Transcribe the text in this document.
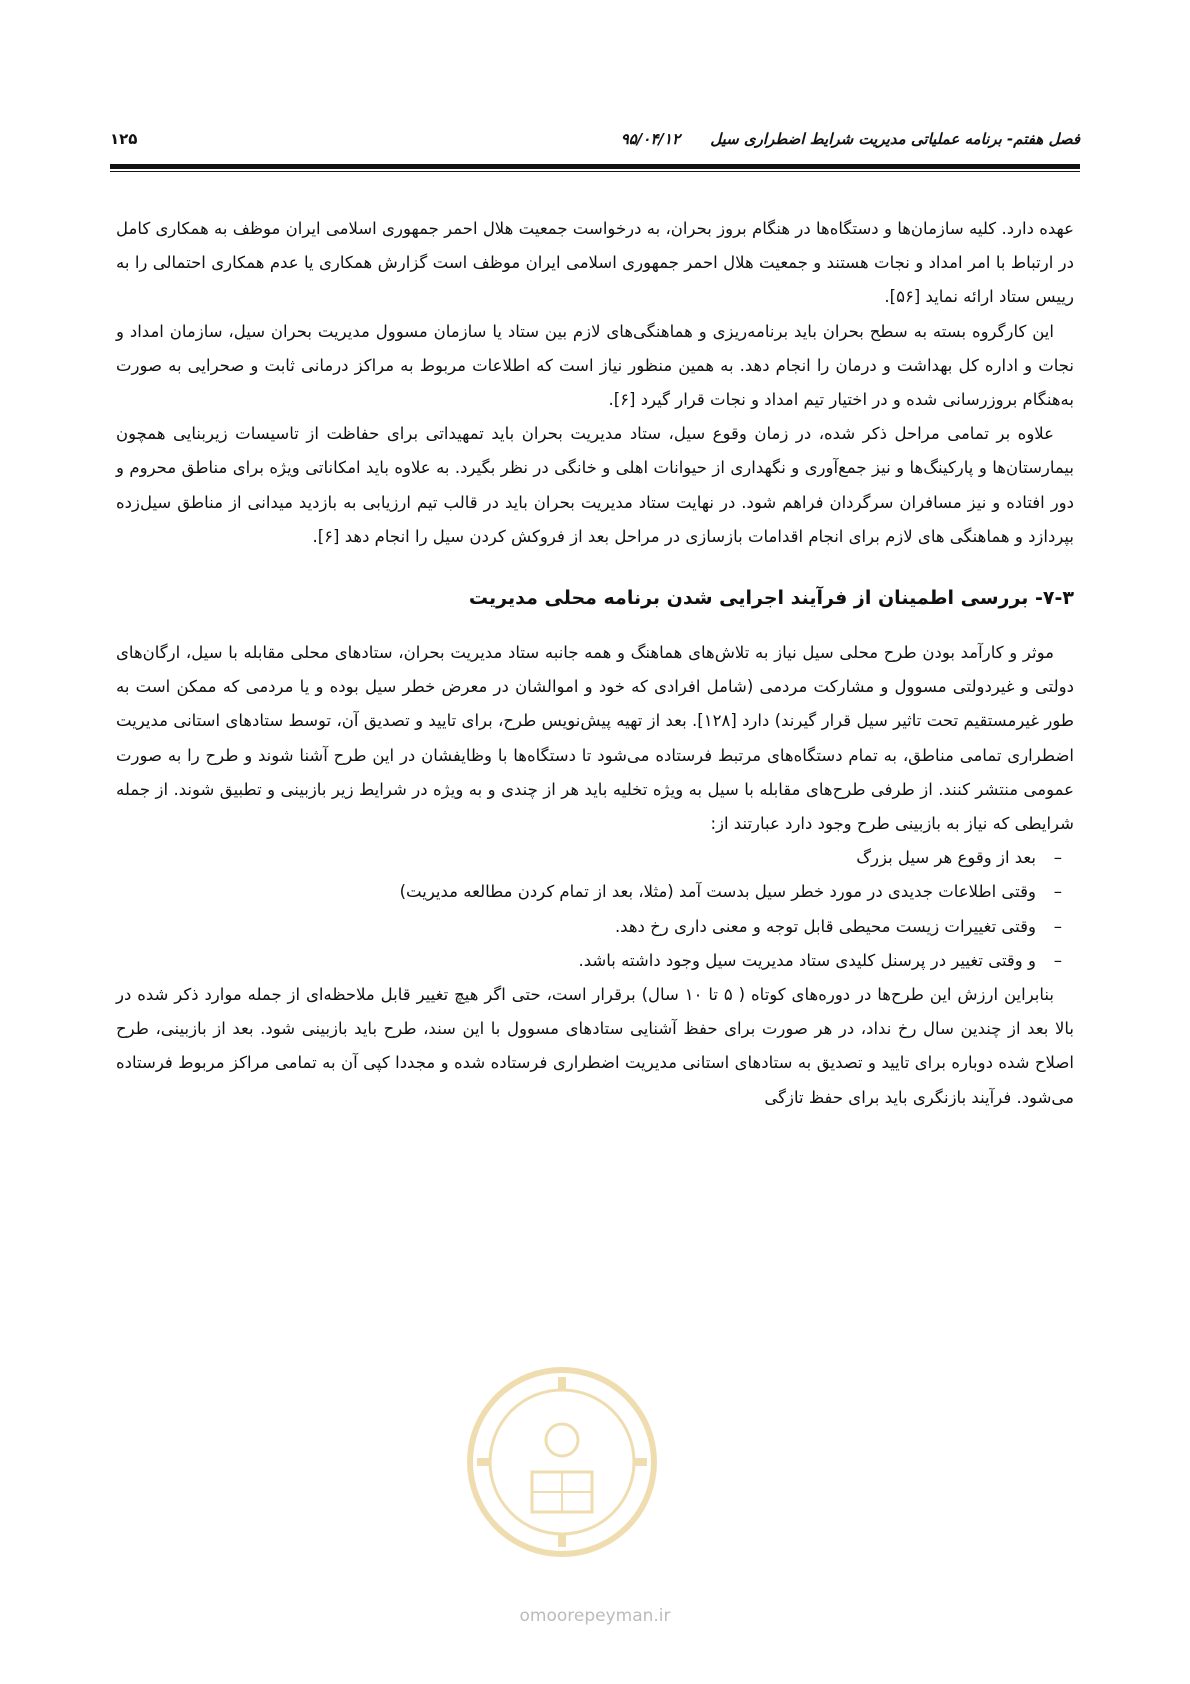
فصل هفتم- برنامه عملیاتی مدیریت شرایط اضطراری سیل
۹۵/۰۴/۱۲
۱۲۵

عهده دارد. کلیه سازمان‌ها و دستگاه‌ها در هنگام بروز بحران، به درخواست جمعیت هلال احمر جمهوری اسلامی ایران موظف به همکاری کامل در ارتباط با امر امداد و نجات هستند و جمعیت هلال احمر جمهوری اسلامی ایران موظف است گزارش همکاری یا عدم همکاری احتمالی را به رییس ستاد ارائه نماید [۵۶].

این کارگروه بسته به سطح بحران باید برنامه‌ریزی و هماهنگی‌های لازم بین ستاد یا سازمان مسوول مدیریت بحران سیل، سازمان امداد و نجات و اداره کل بهداشت و درمان را انجام دهد. به همین منظور نیاز است که اطلاعات مربوط به مراکز درمانی ثابت و صحرایی به صورت به‌هنگام بروزرسانی شده و در اختیار تیم امداد و نجات قرار گیرد [۶].

علاوه بر تمامی مراحل ذکر شده، در زمان وقوع سیل، ستاد مدیریت بحران باید تمهیداتی برای حفاظت از تاسیسات زیربنایی همچون بیمارستان‌ها و پارکینگ‌ها و نیز جمع‌آوری و نگهداری از حیوانات اهلی و خانگی در نظر بگیرد. به علاوه باید امکاناتی ویژه برای مناطق محروم و دور افتاده و نیز مسافران سرگردان فراهم شود. در نهایت ستاد مدیریت بحران باید در قالب تیم ارزیابی به بازدید میدانی از مناطق سیل‌زده بپردازد و هماهنگی های لازم برای انجام اقدامات بازسازی در مراحل بعد از فروکش کردن سیل را انجام دهد [۶].

۷-۳- بررسی اطمینان از فرآیند اجرایی شدن برنامه محلی مدیریت

موثر و کارآمد بودن طرح محلی سیل نیاز به تلاش‌های هماهنگ و همه جانبه ستاد مدیریت بحران، ستادهای محلی مقابله با سیل، ارگان‌های دولتی و غیردولتی مسوول و مشارکت مردمی (شامل افرادی که خود و اموالشان در معرض خطر سیل بوده و یا مردمی که ممکن است به طور غیرمستقیم تحت تاثیر سیل قرار گیرند) دارد [۱۲۸]. بعد از تهیه پیش‌نویس طرح، برای تایید و تصدیق آن، توسط ستادهای استانی مدیریت اضطراری تمامی مناطق، به تمام دستگاه‌های مرتبط فرستاده می‌شود تا دستگاه‌ها با وظایفشان در این طرح آشنا شوند و طرح را به صورت عمومی منتشر کنند. از طرفی طرح‌های مقابله با سیل به ویژه تخلیه باید هر از چندی و به ویژه در شرایط زیر بازبینی و تطبیق شوند. از جمله شرایطی که نیاز به بازبینی طرح وجود دارد عبارتند از:

–بعد از وقوع هر سیل بزرگ
–وقتی اطلاعات جدیدی در مورد خطر سیل بدست آمد (مثلا، بعد از تمام کردن مطالعه مدیریت)
–وقتی تغییرات زیست محیطی قابل توجه و معنی داری رخ دهد.
–و وقتی تغییر در پرسنل کلیدی ستاد مدیریت سیل وجود داشته باشد.

بنابراین ارزش این طرح‌ها در دوره‌های کوتاه ( ۵ تا ۱۰ سال) برقرار است، حتی اگر هیچ تغییر قابل ملاحظه‌ای از جمله موارد ذکر شده در بالا بعد از چندین سال رخ نداد، در هر صورت برای حفظ آشنایی ستادهای مسوول با این سند، طرح باید بازبینی شود. بعد از بازبینی، طرح اصلاح شده دوباره برای تایید و تصدیق به ستادهای استانی مدیریت اضطراری فرستاده شده و مجددا کپی آن به تمامی مراکز مربوط فرستاده می‌شود. فرآیند بازنگری باید برای حفظ تازگی

omoorepeyman.ir
